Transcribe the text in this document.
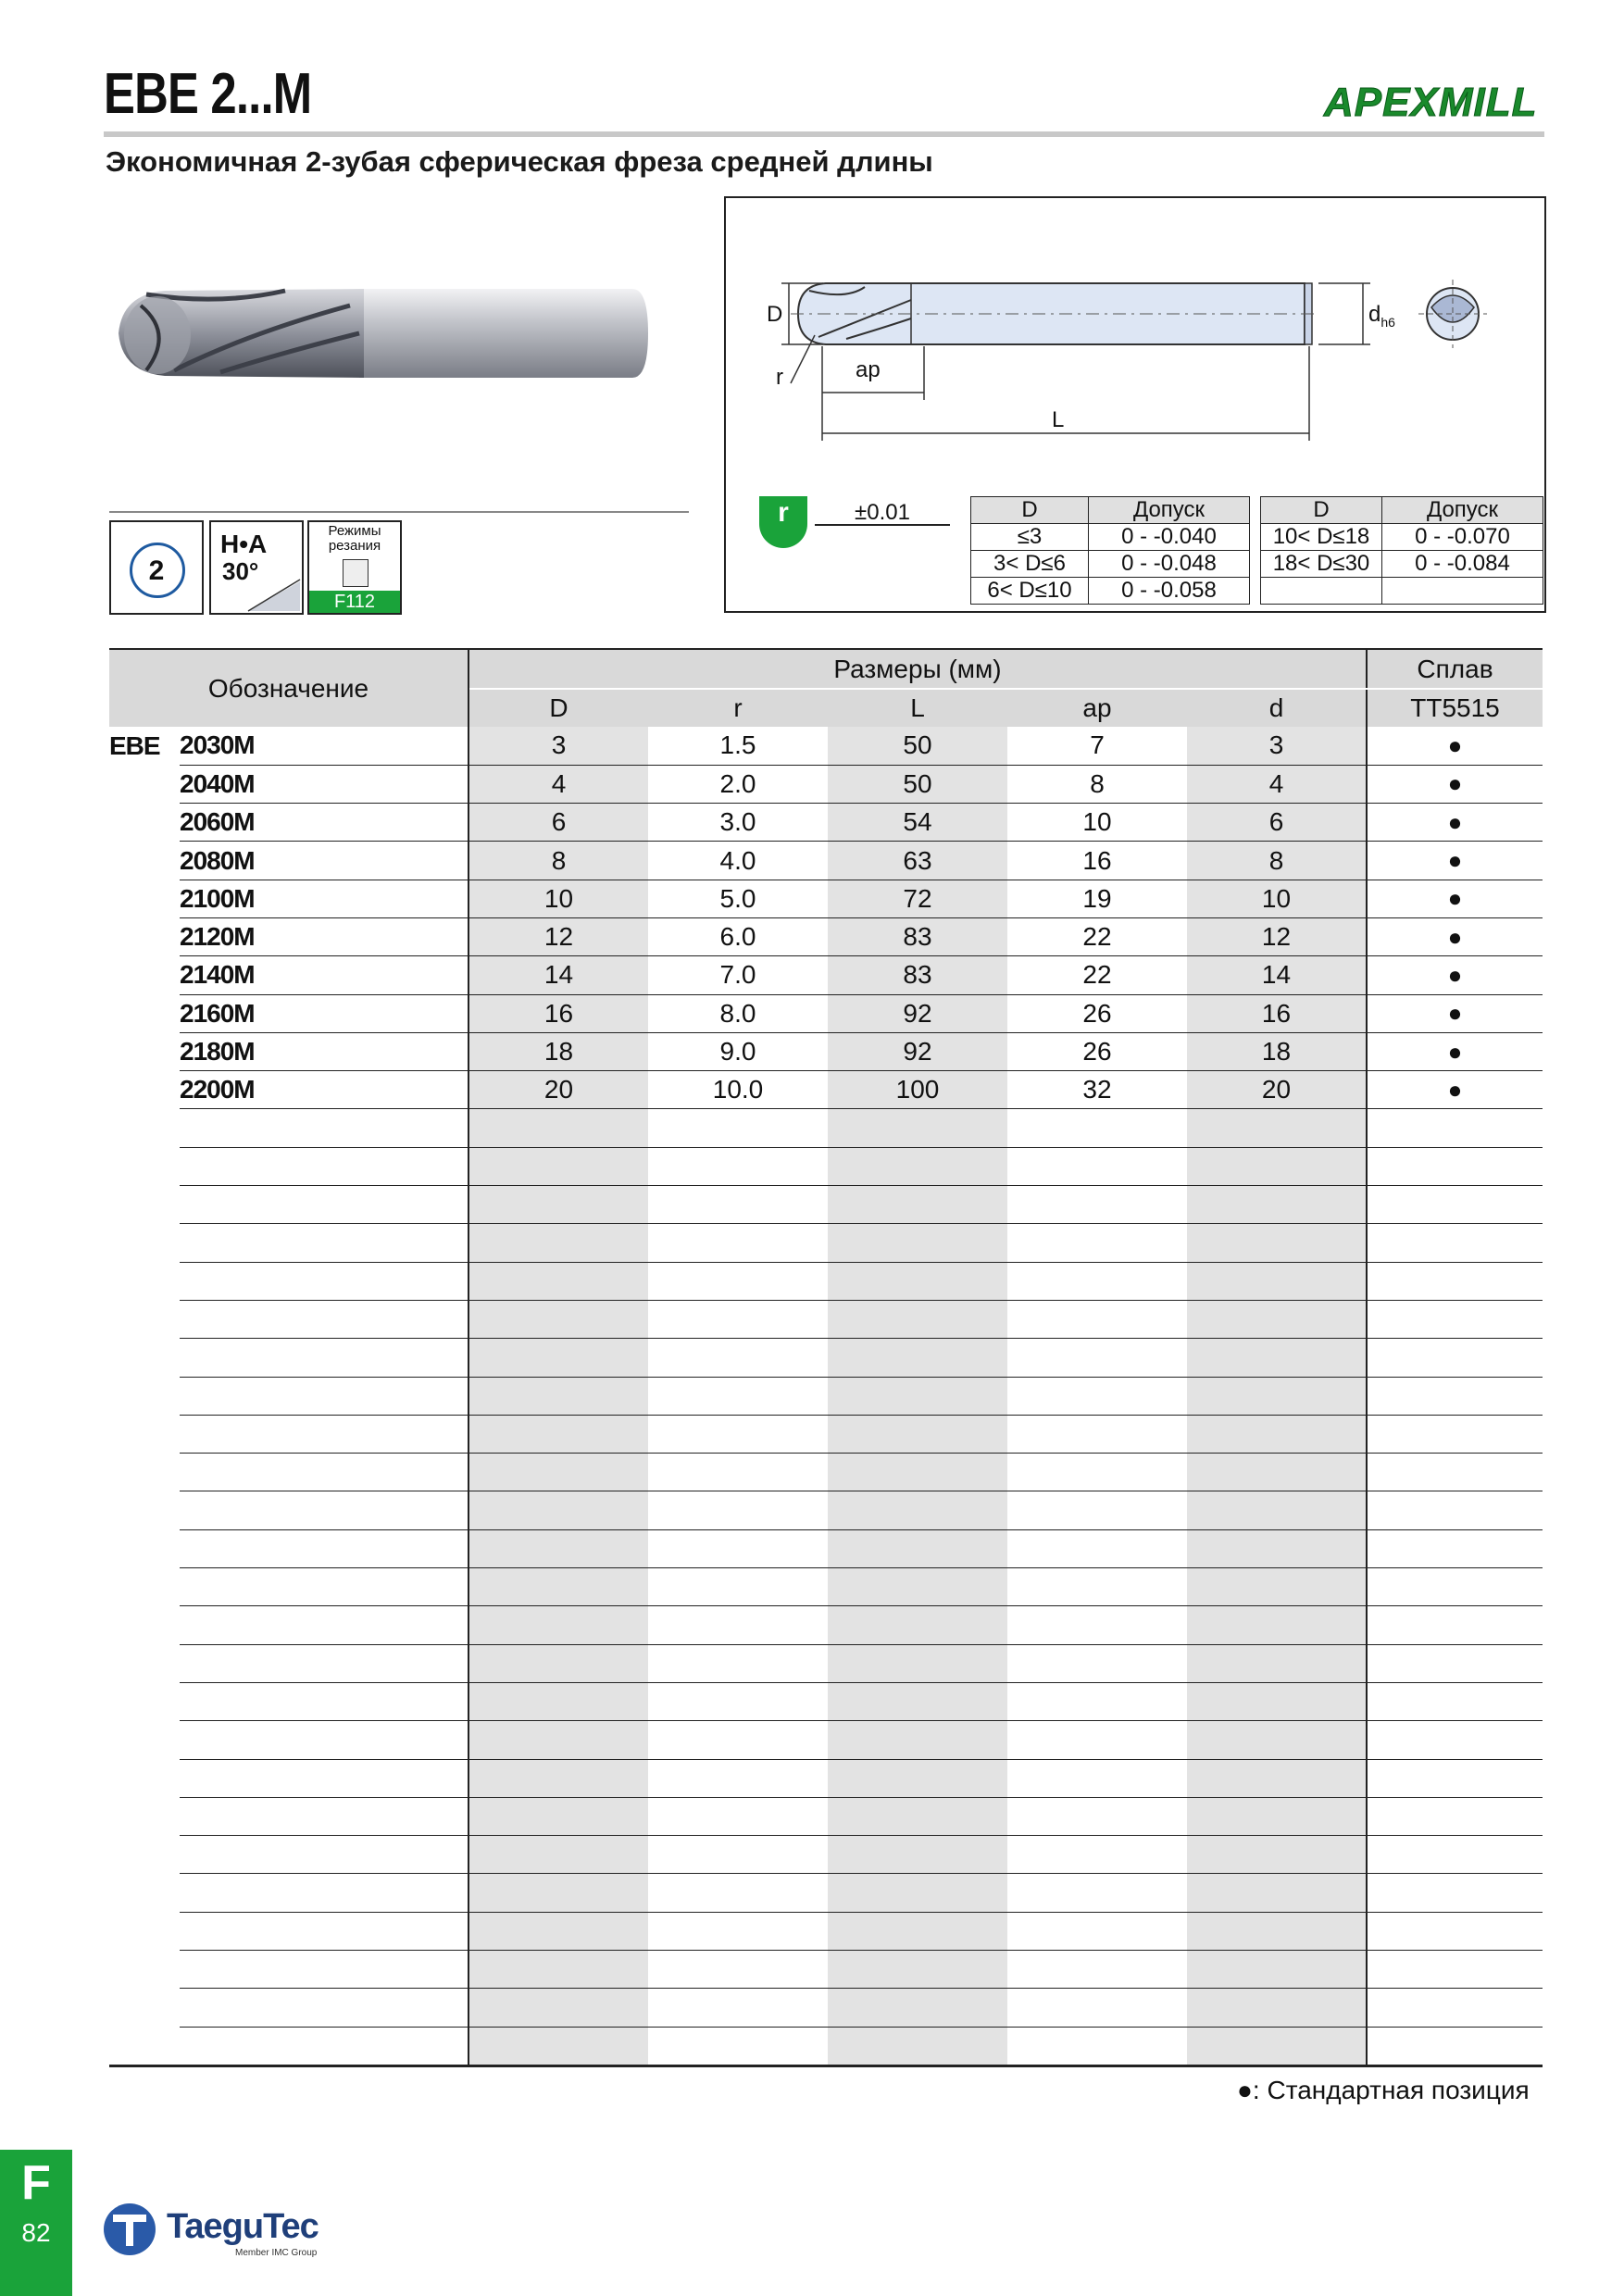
EBE 2...M	APEXMILL
Экономичная 2-зубая сферическая фреза средней длины
2
H•A
30°
Режимы резания
F112
D	$d_{h6}$
r	ap
L
r	±0.01	D	Допуск
≤3	0 - -0.040
3< D≤6	0 - -0.048
6< D≤10	0 - -0.058
D	Допуск
10< D≤18	0 - -0.070
18< D≤30	0 - -0.084

Обозначение		Размеры (мм)					Сплав
		D	r	L	ap	d	TT5515
EBE	2030M	3	1.5	50	7	3	●
	2040M	4	2.0	50	8	4	●
	2060M	6	3.0	54	10	6	●
	2080M	8	4.0	63	16	8	●
	2100M	10	5.0	72	19	10	●
	2120M	12	6.0	83	22	12	●
	2140M	14	7.0	83	22	14	●
	2160M	16	8.0	92	26	16	●
	2180M	18	9.0	92	26	18	●
	2200M	20	10.0	100	32	20	●

●: Стандартная позиция
F
82	TaeguTec
Member IMC Group
